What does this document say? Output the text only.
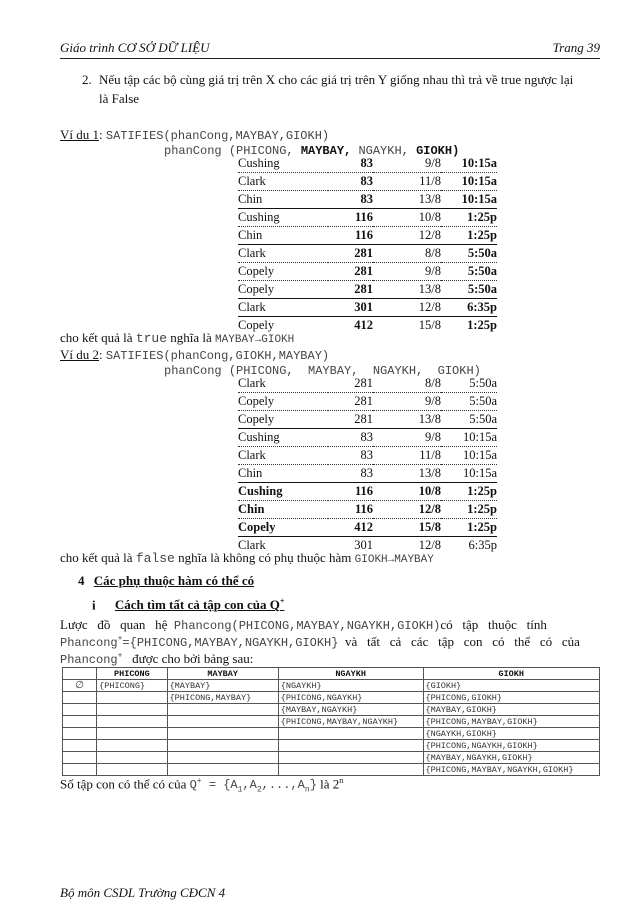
Giáo trình CƠ SỞ DỮ LIỆU	Trang 39
2. Nếu tập các bộ cùng giá trị trên X cho các giá trị trên Y giống nhau thì trả về true ngược lại
là False
Ví du 1: SATIFIES(phanCong,MAYBAY,GIOKH)
phanCong (PHICONG, MAYBAY, NGAYKH, GIOKH)
Cushing	83	9/8	10:15a
Clark	83	11/8	10:15a
Chin	83	13/8	10:15a
Cushing	116	10/8	1:25p
Chin	116	12/8	1:25p
Clark	281	8/8	5:50a
Copely	281	9/8	5:50a
Copely	281	13/8	5:50a
Clark	301	12/8	6:35p
Copely	412	15/8	1:25p
cho kết quả là true nghĩa là MAYBAY→GIOKH
Ví du 2: SATIFIES(phanCong,GIOKH,MAYBAY)
phanCong (PHICONG,  MAYBAY,  NGAYKH,  GIOKH)
Clark	281	8/8	5:50a
Copely	281	9/8	5:50a
Copely	281	13/8	5:50a
Cushing	83	9/8	10:15a
Clark	83	11/8	10:15a
Chin	83	13/8	10:15a
Cushing	116	10/8	1:25p
Chin	116	12/8	1:25p
Copely	412	15/8	1:25p
Clark	301	12/8	6:35p
cho kết quả là false nghĩa là không có phụ thuộc hàm GIOKH→MAYBAY
4 Các phụ thuộc hàm có thể có
i Cách tìm tất cả tập con của Q+
Lược   đồ   quan   hệ Phancong(PHICONG,MAYBAY,NGAYKH,GIOKH)có   tập   thuộc   tính
Phancong+={PHICONG,MAYBAY,NGAYKH,GIOKH} và   tất   cả   các   tập   con   có   thể   có   của
Phancong+ được cho bởi bảng sau:
	PHICONG	MAYBAY	NGAYKH	GIOKH
∅	{PHICONG}	{MAYBAY}	{NGAYKH}	{GIOKH}
		{PHICONG,MAYBAY}	{PHICONG,NGAYKH}	{PHICONG,GIOKH}
			{MAYBAY,NGAYKH}	{MAYBAY,GIOKH}
			{PHICONG,MAYBAY,NGAYKH}	{PHICONG,MAYBAY,GIOKH}
				{NGAYKH,GIOKH}
				{PHICONG,NGAYKH,GIOKH}
				{MAYBAY,NGAYKH,GIOKH}
				{PHICONG,MAYBAY,NGAYKH,GIOKH}
Số tập con có thể có của $Q^+ = \{A_1,A_2,...,A_n\}$ là 2$^n$
Bộ môn CSDL Trường CĐCN 4
